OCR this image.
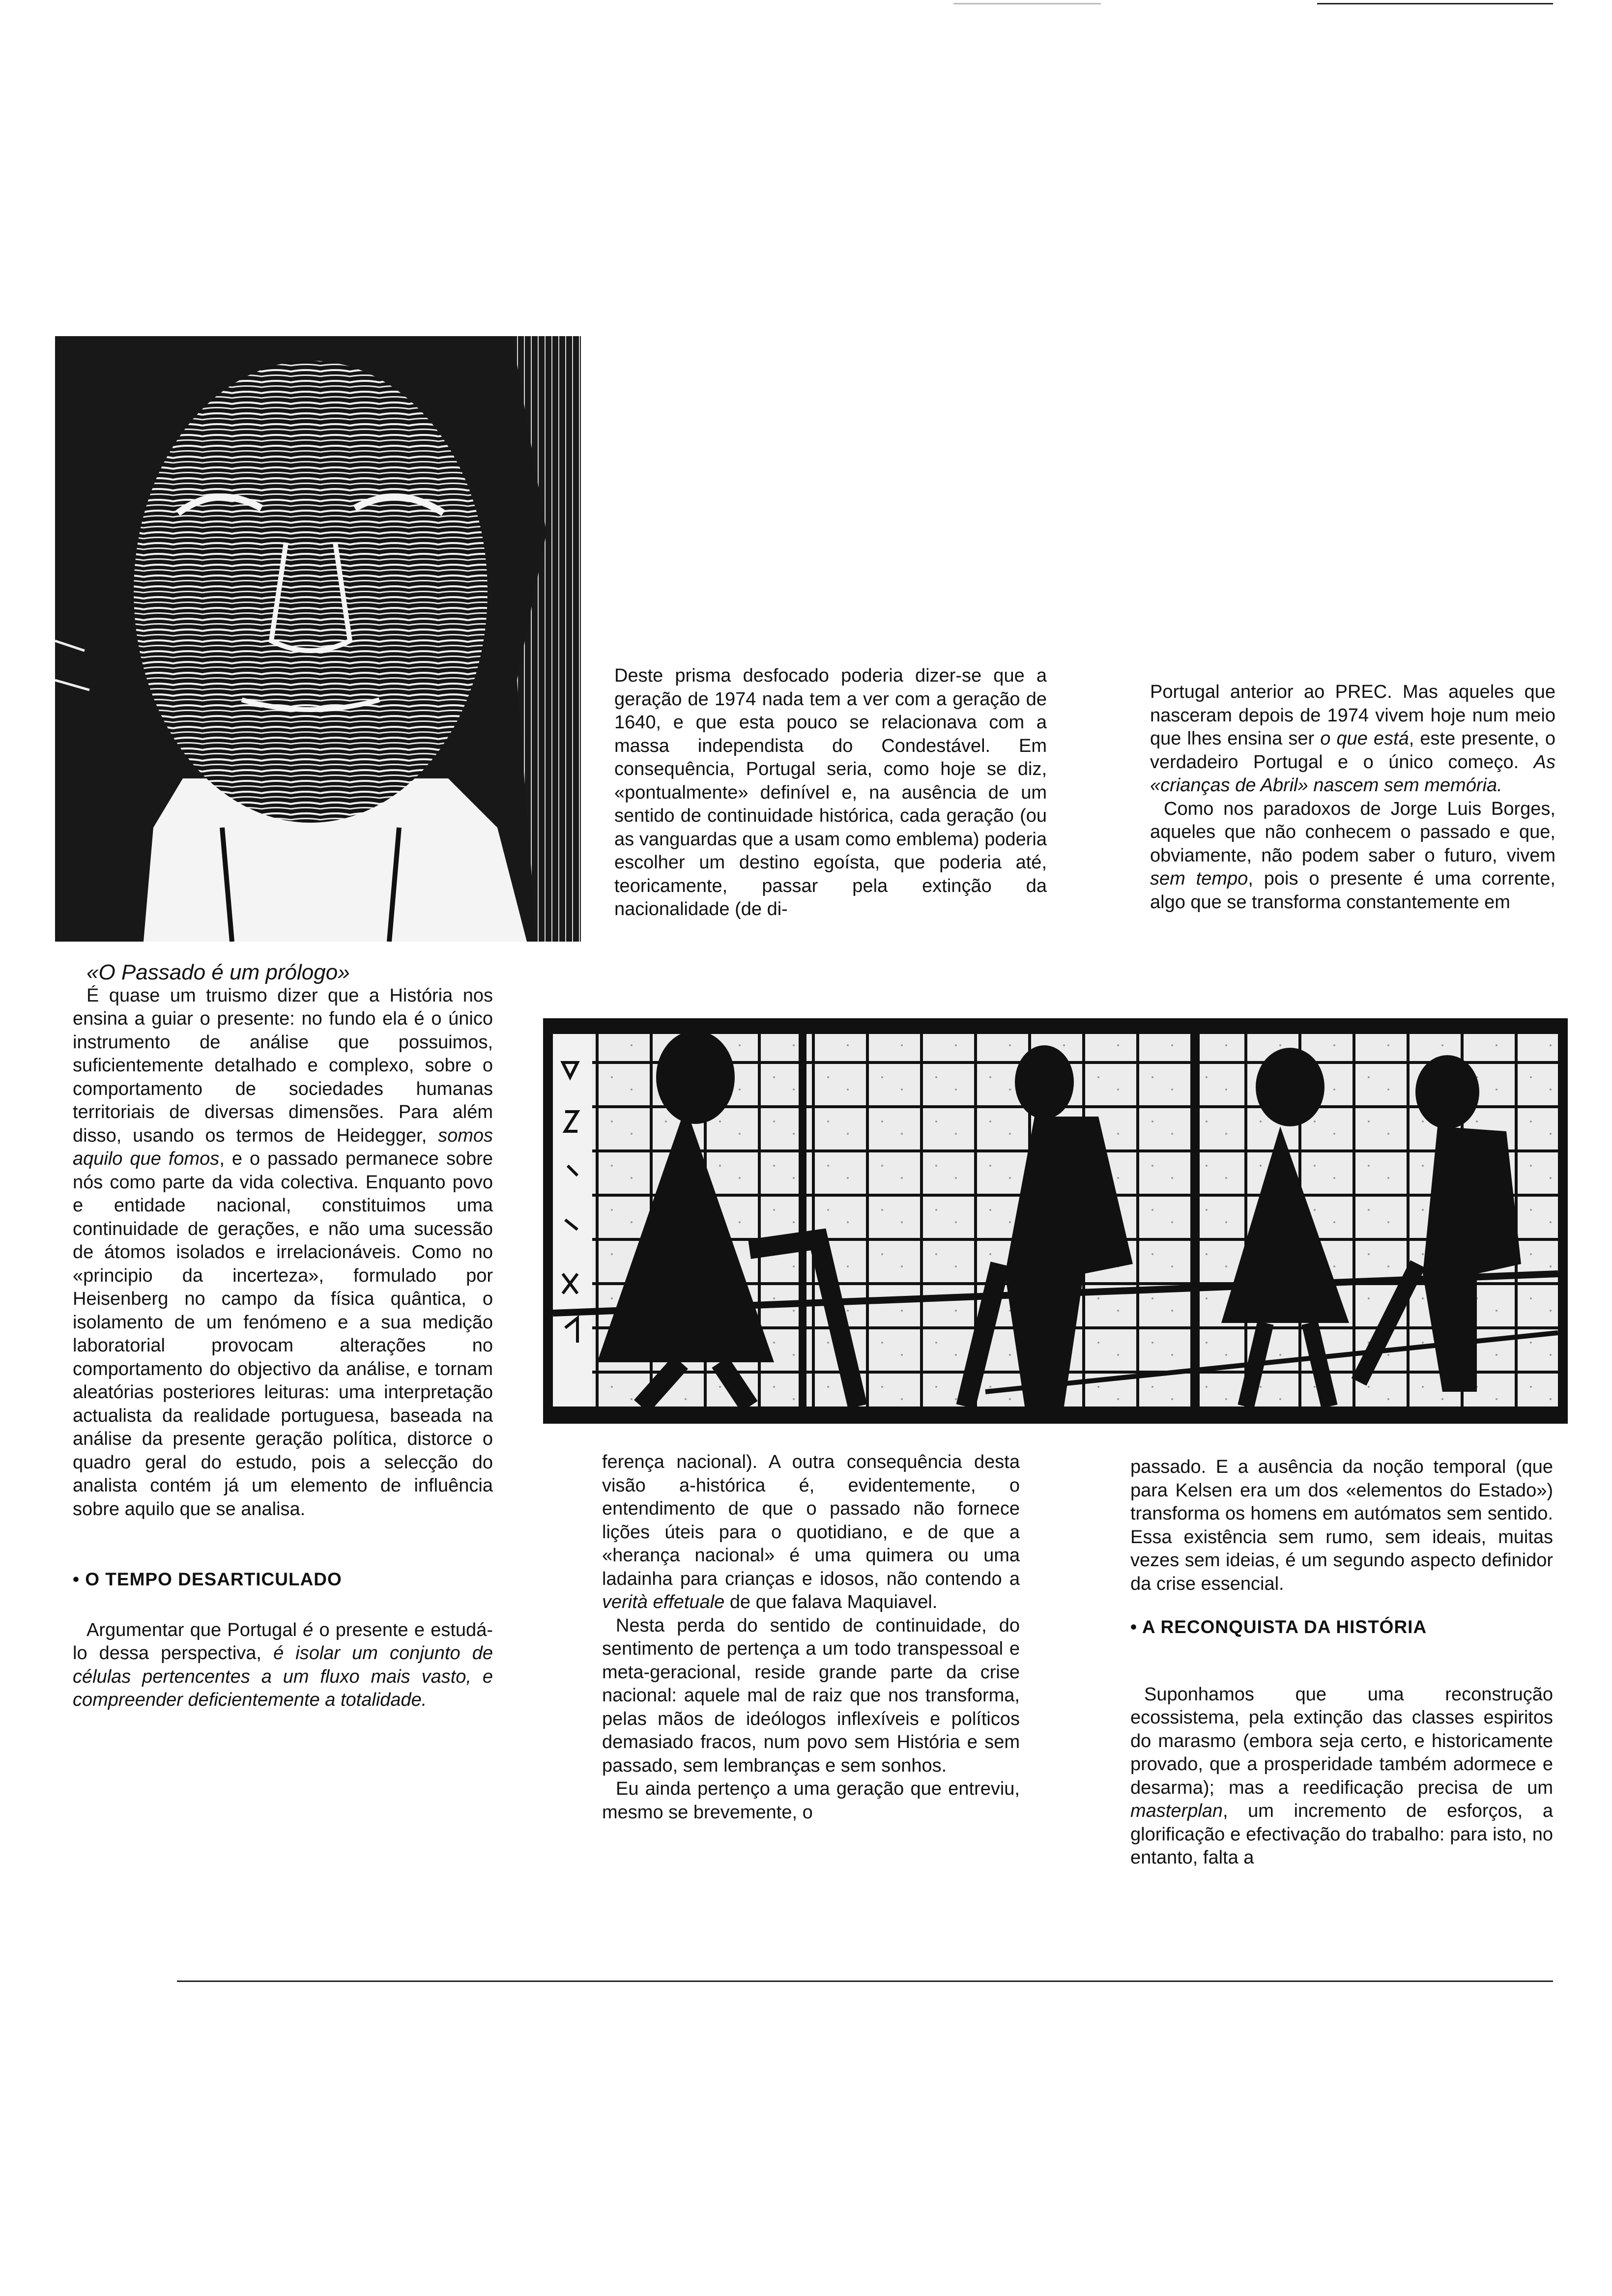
«O Passado é um prólogo»

É quase um truismo dizer que a História nos ensina a guiar o presente: no fundo ela é o único instrumento de análise que possuimos, suficientemente detalhado e complexo, sobre o comportamento de sociedades humanas territoriais de diversas dimensões. Para além disso, usando os termos de Heidegger, somos aquilo que fomos, e o passado permanece sobre nós como parte da vida colectiva. Enquanto povo e entidade nacional, constituimos uma continuidade de gerações, e não uma sucessão de átomos isolados e irrelacionáveis. Como no «principio da incerteza», formulado por Heisenberg no campo da física quântica, o isolamento de um fenómeno e a sua medição laboratorial provocam alterações no comportamento do objectivo da análise, e tornam aleatórias posteriores leituras: uma interpretação actualista da realidade portuguesa, baseada na análise da presente geração política, distorce o quadro geral do estudo, pois a selecção do analista contém já um elemento de influência sobre aquilo que se analisa.

• O TEMPO DESARTICULADO

Argumentar que Portugal é o presente e estudá-lo dessa perspectiva, é isolar um conjunto de células pertencentes a um fluxo mais vasto, e compreender deficientemente a totalidade.

Deste prisma desfocado poderia dizer-se que a geração de 1974 nada tem a ver com a geração de 1640, e que esta pouco se relacionava com a massa independista do Condestável. Em consequência, Portugal seria, como hoje se diz, «pontualmente» definível e, na ausência de um sentido de continuidade histórica, cada geração (ou as vanguardas que a usam como emblema) poderia escolher um destino egoísta, que poderia até, teoricamente, passar pela extinção da nacionalidade (de di-

Portugal anterior ao PREC. Mas aqueles que nasceram depois de 1974 vivem hoje num meio que lhes ensina ser o que está, este presente, o verdadeiro Portugal e o único começo. As «crianças de Abril» nascem sem memória.

Como nos paradoxos de Jorge Luis Borges, aqueles que não conhecem o passado e que, obviamente, não podem saber o futuro, vivem sem tempo, pois o presente é uma corrente, algo que se transforma constantemente em

ferença nacional). A outra consequência desta visão a-histórica é, evidentemente, o entendimento de que o passado não fornece lições úteis para o quotidiano, e de que a «herança nacional» é uma quimera ou uma ladainha para crianças e idosos, não contendo a verità effetuale de que falava Maquiavel.

Nesta perda do sentido de continuidade, do sentimento de pertença a um todo transpessoal e meta-geracional, reside grande parte da crise nacional: aquele mal de raiz que nos transforma, pelas mãos de ideólogos inflexíveis e políticos demasiado fracos, num povo sem História e sem passado, sem lembranças e sem sonhos.

Eu ainda pertenço a uma geração que entreviu, mesmo se brevemente, o

passado. E a ausência da noção temporal (que para Kelsen era um dos «elementos do Estado») transforma os homens em autómatos sem sentido. Essa existência sem rumo, sem ideais, muitas vezes sem ideias, é um segundo aspecto definidor da crise essencial.

• A RECONQUISTA DA HISTÓRIA

Suponhamos que uma reconstrução ecossistema, pela extinção das classes espiritos do marasmo (embora seja certo, e historicamente provado, que a prosperidade também adormece e desarma); mas a reedificação precisa de um masterplan, um incremento de esforços, a glorificação e efectivação do trabalho: para isto, no entanto, falta a
